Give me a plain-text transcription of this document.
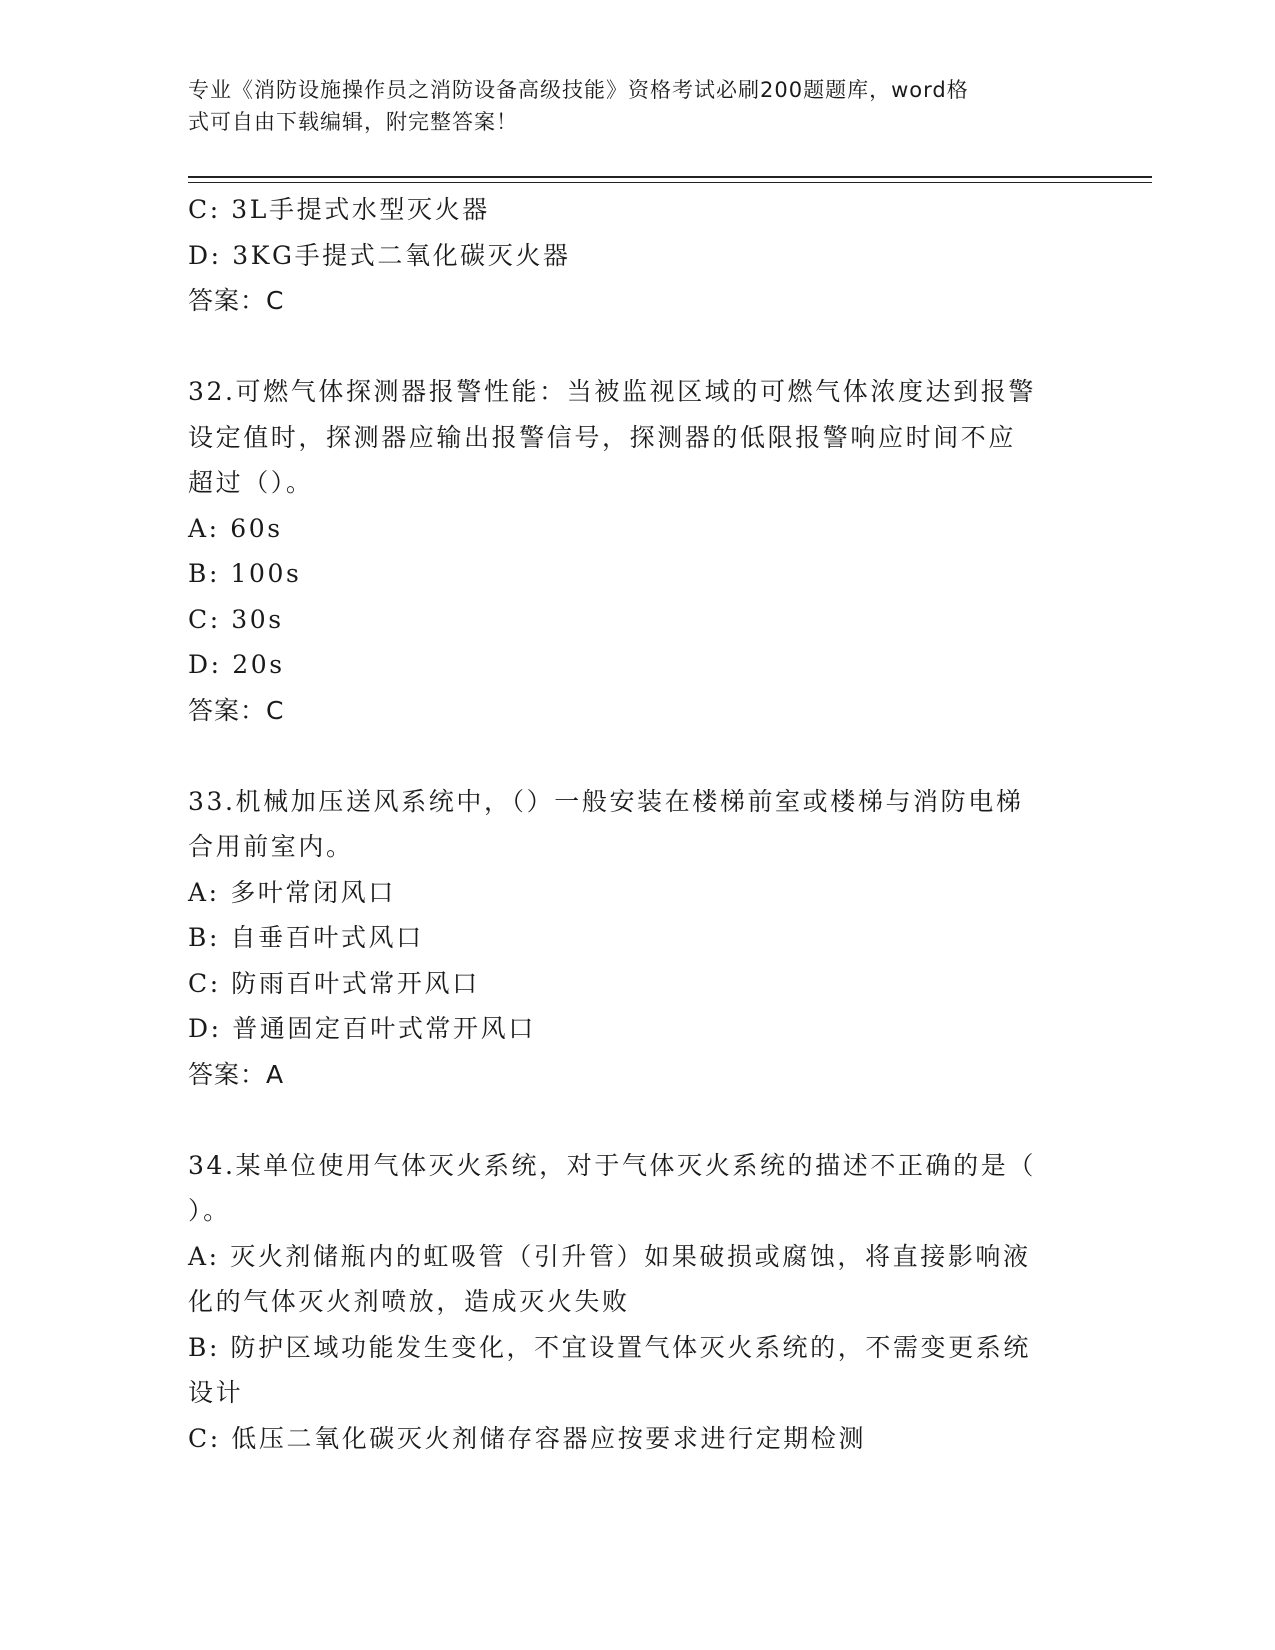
专业《消防设施操作员之消防设备高级技能》资格考试必刷200题题库，word格
式可自由下载编辑，附完整答案！
C: 3L手提式水型灭火器
D: 3KG手提式二氧化碳灭火器
答案：C
32.可燃气体探测器报警性能：当被监视区域的可燃气体浓度达到报警
设定值时，探测器应输出报警信号，探测器的低限报警响应时间不应
超过（）。
A: 60s
B: 100s
C: 30s
D: 20s
答案：C
33.机械加压送风系统中，（）一般安装在楼梯前室或楼梯与消防电梯
合用前室内。
A: 多叶常闭风口
B: 自垂百叶式风口
C: 防雨百叶式常开风口
D: 普通固定百叶式常开风口
答案：A
34.某单位使用气体灭火系统，对于气体灭火系统的描述不正确的是（
）。
A: 灭火剂储瓶内的虹吸管（引升管）如果破损或腐蚀，将直接影响液
化的气体灭火剂喷放，造成灭火失败
B: 防护区域功能发生变化，不宜设置气体灭火系统的，不需变更系统
设计
C: 低压二氧化碳灭火剂储存容器应按要求进行定期检测
